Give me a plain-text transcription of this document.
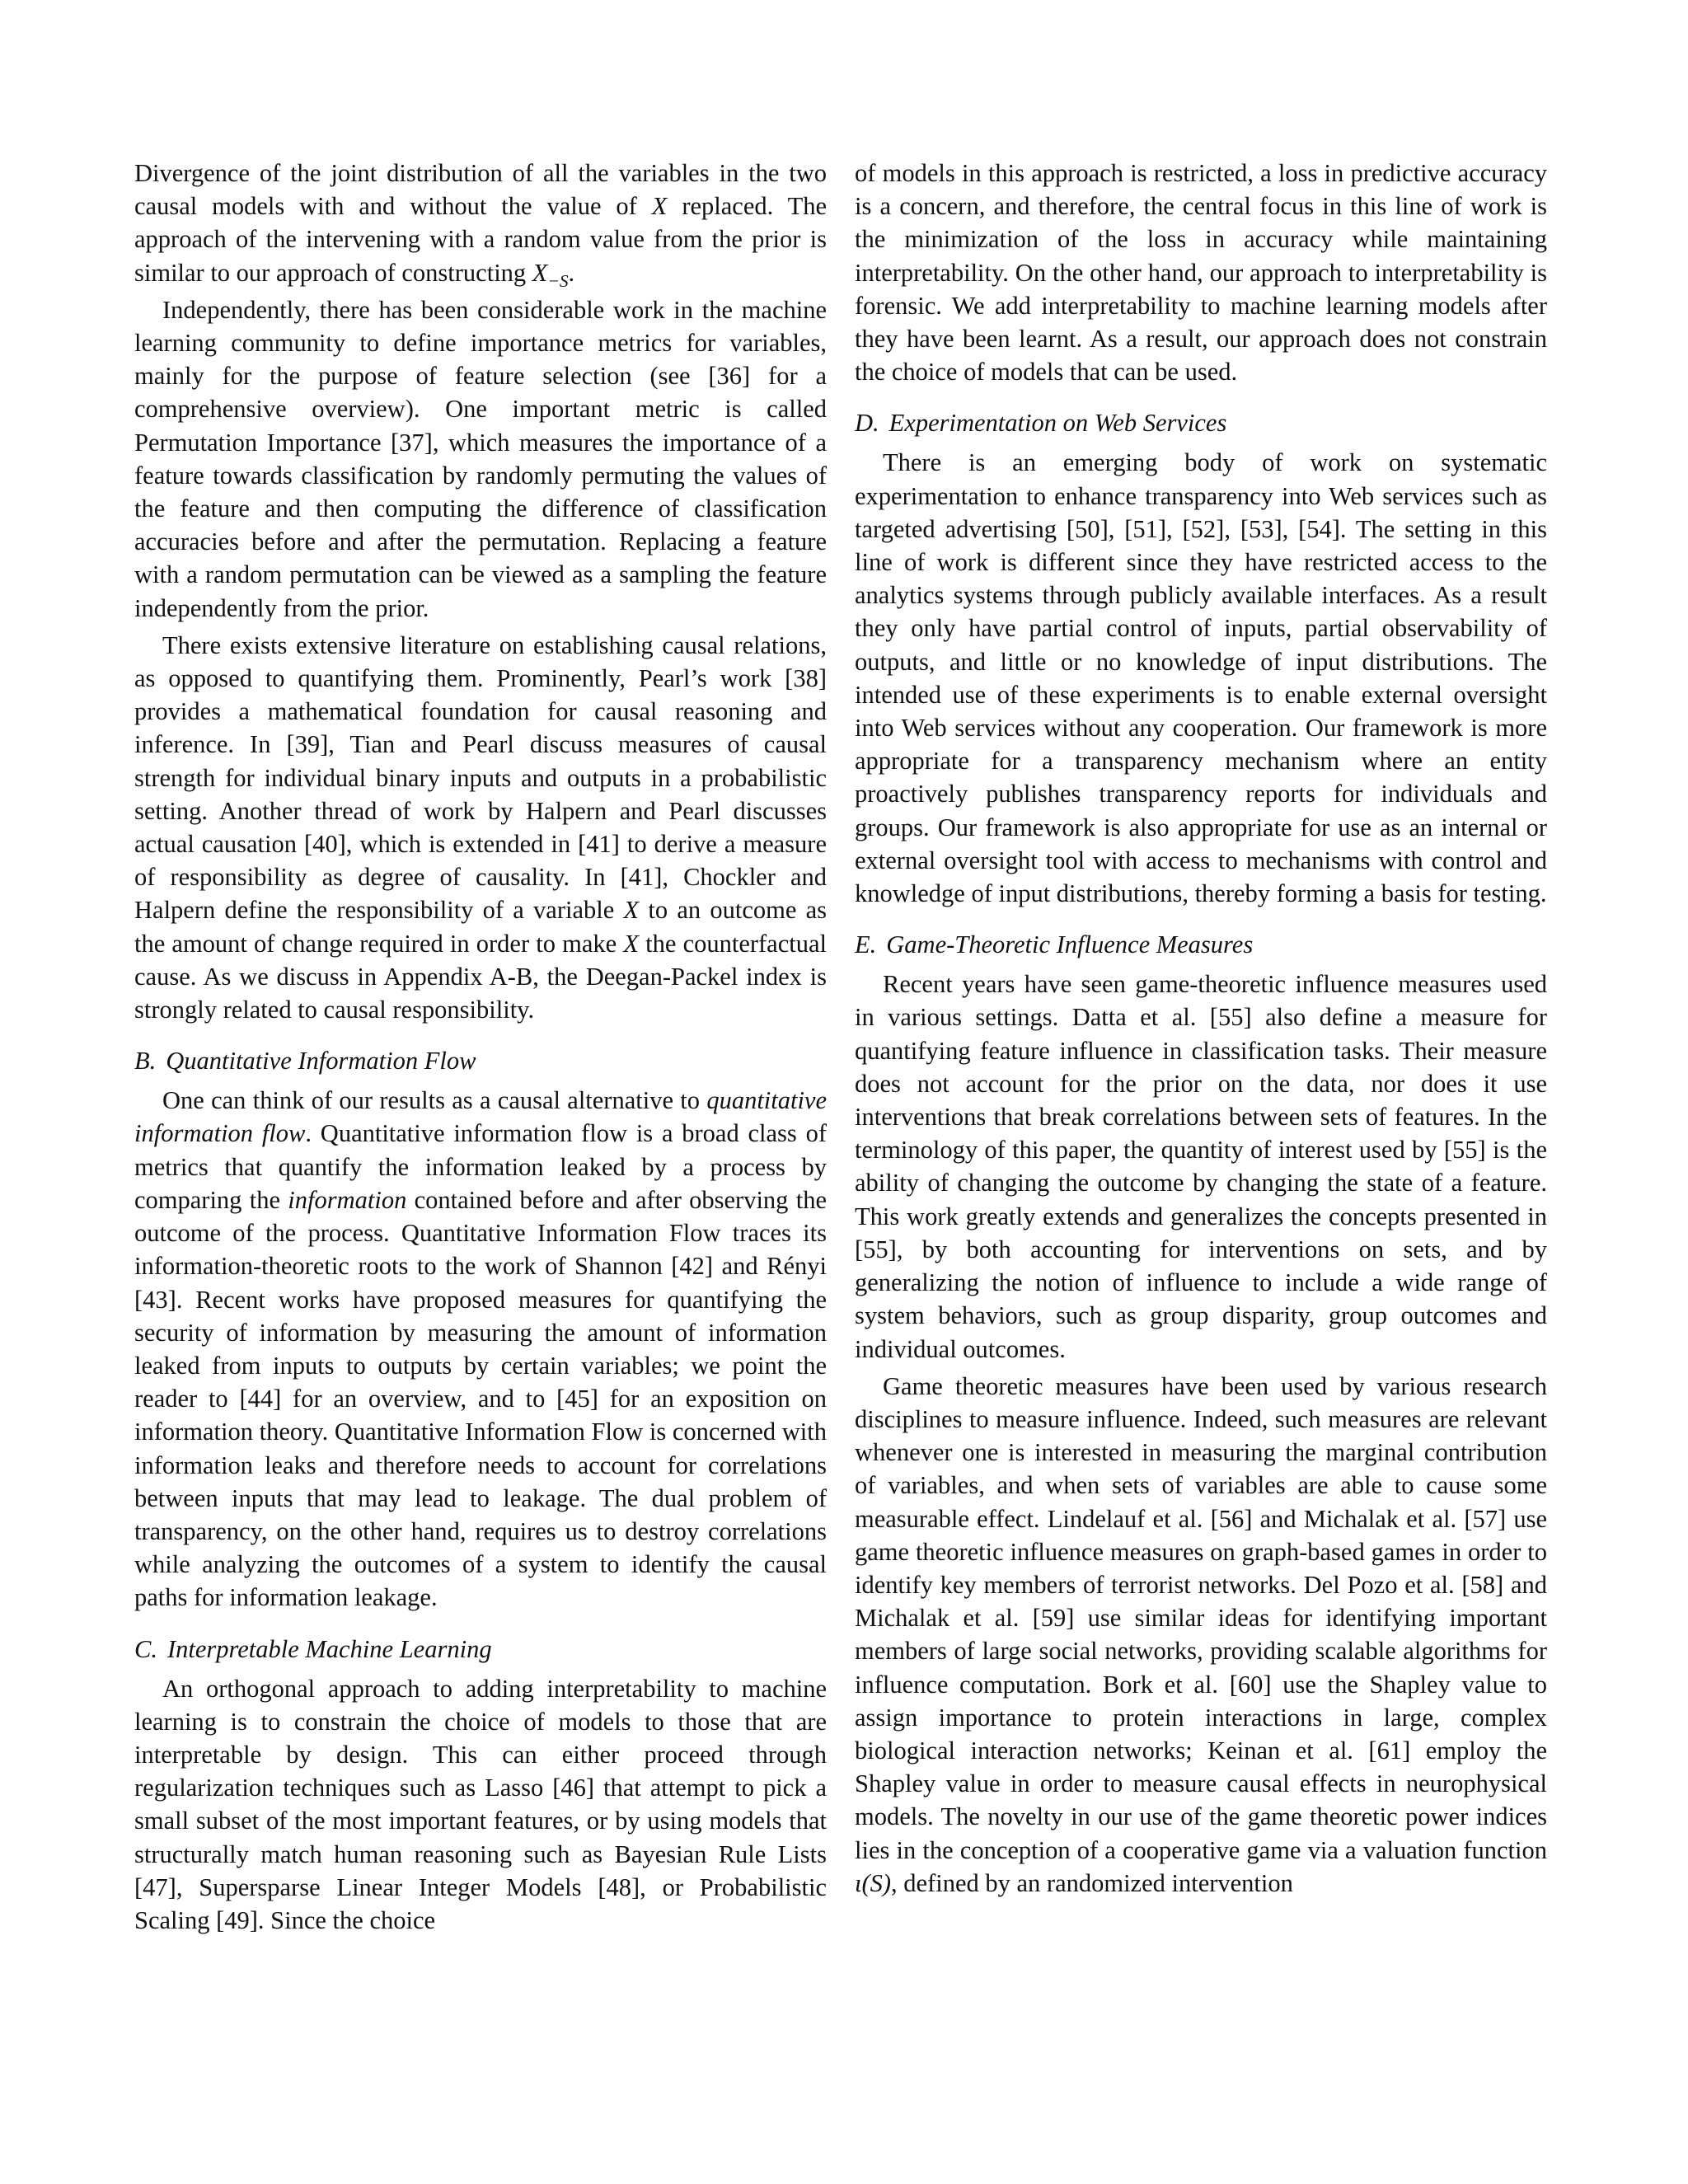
Divergence of the joint distribution of all the variables in the two causal models with and without the value of X replaced. The approach of the intervening with a random value from the prior is similar to our approach of constructing $X_{-S}$.

Independently, there has been considerable work in the machine learning community to define importance metrics for variables, mainly for the purpose of feature selection (see [36] for a comprehensive overview). One important metric is called Permutation Importance [37], which measures the importance of a feature towards classification by randomly permuting the values of the feature and then computing the difference of classification accuracies before and after the permutation. Replacing a feature with a random permutation can be viewed as a sampling the feature independently from the prior.

There exists extensive literature on establishing causal relations, as opposed to quantifying them. Prominently, Pearl’s work [38] provides a mathematical foundation for causal reasoning and inference. In [39], Tian and Pearl discuss measures of causal strength for individual binary inputs and outputs in a probabilistic setting. Another thread of work by Halpern and Pearl discusses actual causation [40], which is extended in [41] to derive a measure of responsibility as degree of causality. In [41], Chockler and Halpern define the responsibility of a variable X to an outcome as the amount of change required in order to make X the counterfactual cause. As we discuss in Appendix A-B, the Deegan-Packel index is strongly related to causal responsibility.

B. Quantitative Information Flow

One can think of our results as a causal alternative to quantitative information flow. Quantitative information flow is a broad class of metrics that quantify the information leaked by a process by comparing the information contained before and after observing the outcome of the process. Quantitative Information Flow traces its information-theoretic roots to the work of Shannon [42] and Rényi [43]. Recent works have proposed measures for quantifying the security of information by measuring the amount of information leaked from inputs to outputs by certain variables; we point the reader to [44] for an overview, and to [45] for an exposition on information theory. Quantitative Information Flow is concerned with information leaks and therefore needs to account for correlations between inputs that may lead to leakage. The dual problem of transparency, on the other hand, requires us to destroy correlations while analyzing the outcomes of a system to identify the causal paths for information leakage.

C. Interpretable Machine Learning

An orthogonal approach to adding interpretability to machine learning is to constrain the choice of models to those that are interpretable by design. This can either proceed through regularization techniques such as Lasso [46] that attempt to pick a small subset of the most important features, or by using models that structurally match human reasoning such as Bayesian Rule Lists [47], Supersparse Linear Integer Models [48], or Probabilistic Scaling [49]. Since the choice

of models in this approach is restricted, a loss in predictive accuracy is a concern, and therefore, the central focus in this line of work is the minimization of the loss in accuracy while maintaining interpretability. On the other hand, our approach to interpretability is forensic. We add interpretability to machine learning models after they have been learnt. As a result, our approach does not constrain the choice of models that can be used.

D. Experimentation on Web Services

There is an emerging body of work on systematic experimentation to enhance transparency into Web services such as targeted advertising [50], [51], [52], [53], [54]. The setting in this line of work is different since they have restricted access to the analytics systems through publicly available interfaces. As a result they only have partial control of inputs, partial observability of outputs, and little or no knowledge of input distributions. The intended use of these experiments is to enable external oversight into Web services without any cooperation. Our framework is more appropriate for a transparency mechanism where an entity proactively publishes transparency reports for individuals and groups. Our framework is also appropriate for use as an internal or external oversight tool with access to mechanisms with control and knowledge of input distributions, thereby forming a basis for testing.

E. Game-Theoretic Influence Measures

Recent years have seen game-theoretic influence measures used in various settings. Datta et al. [55] also define a measure for quantifying feature influence in classification tasks. Their measure does not account for the prior on the data, nor does it use interventions that break correlations between sets of features. In the terminology of this paper, the quantity of interest used by [55] is the ability of changing the outcome by changing the state of a feature. This work greatly extends and generalizes the concepts presented in [55], by both accounting for interventions on sets, and by generalizing the notion of influence to include a wide range of system behaviors, such as group disparity, group outcomes and individual outcomes.

Game theoretic measures have been used by various research disciplines to measure influence. Indeed, such measures are relevant whenever one is interested in measuring the marginal contribution of variables, and when sets of variables are able to cause some measurable effect. Lindelauf et al. [56] and Michalak et al. [57] use game theoretic influence measures on graph-based games in order to identify key members of terrorist networks. Del Pozo et al. [58] and Michalak et al. [59] use similar ideas for identifying important members of large social networks, providing scalable algorithms for influence computation. Bork et al. [60] use the Shapley value to assign importance to protein interactions in large, complex biological interaction networks; Keinan et al. [61] employ the Shapley value in order to measure causal effects in neurophysical models. The novelty in our use of the game theoretic power indices lies in the conception of a cooperative game via a valuation function ι(S), defined by an randomized intervention
